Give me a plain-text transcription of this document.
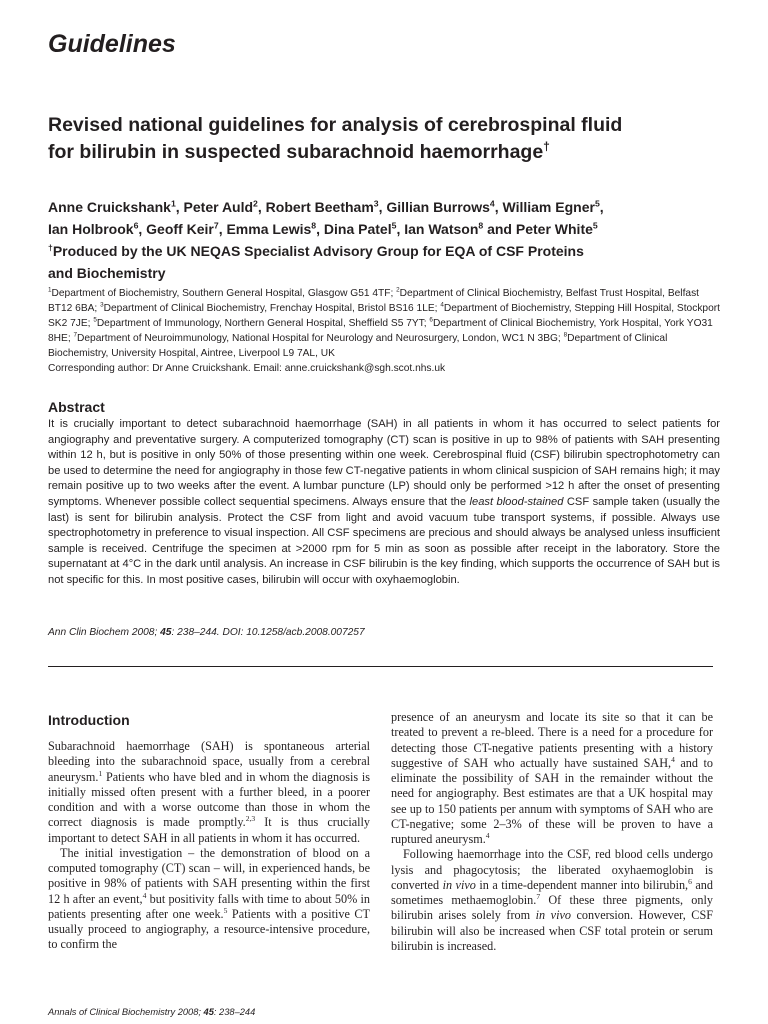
Guidelines
Revised national guidelines for analysis of cerebrospinal fluid
for bilirubin in suspected subarachnoid haemorrhage†
Anne Cruickshank$^1$, Peter Auld$^2$, Robert Beetham$^3$, Gillian Burrows$^4$, William Egner$^5$,
Ian Holbrook$^6$, Geoff Keir$^7$, Emma Lewis$^8$, Dina Patel$^5$, Ian Watson$^8$ and Peter White$^5$
†Produced by the UK NEQAS Specialist Advisory Group for EQA of CSF Proteins
and Biochemistry
$^1$Department of Biochemistry, Southern General Hospital, Glasgow G51 4TF; $^2$Department of Clinical Biochemistry, Belfast Trust Hospital, Belfast BT12 6BA; $^3$Department of Clinical Biochemistry, Frenchay Hospital, Bristol BS16 1LE; $^4$Department of Biochemistry, Stepping Hill Hospital, Stockport SK2 7JE; $^5$Department of Immunology, Northern General Hospital, Sheffield S5 7YT; $^6$Department of Clinical Biochemistry, York Hospital, York YO31 8HE; $^7$Department of Neuroimmunology, National Hospital for Neurology and Neurosurgery, London, WC1 N 3BG; $^8$Department of Clinical Biochemistry, University Hospital, Aintree, Liverpool L9 7AL, UK
Corresponding author: Dr Anne Cruickshank. Email: anne.cruickshank@sgh.scot.nhs.uk
Abstract
It is crucially important to detect subarachnoid haemorrhage (SAH) in all patients in whom it has occurred to select patients for angiography and preventative surgery. A computerized tomography (CT) scan is positive in up to 98% of patients with SAH presenting within 12 h, but is positive in only 50% of those presenting within one week. Cerebrospinal fluid (CSF) bilirubin spectrophotometry can be used to determine the need for angiography in those few CT-negative patients in whom clinical suspicion of SAH remains high; it may remain positive up to two weeks after the event. A lumbar puncture (LP) should only be performed >12 h after the onset of presenting symptoms. Whenever possible collect sequential specimens. Always ensure that the least blood-stained CSF sample taken (usually the last) is sent for bilirubin analysis. Protect the CSF from light and avoid vacuum tube transport systems, if possible. Always use spectrophotometry in preference to visual inspection. All CSF specimens are precious and should always be analysed unless insufficient sample is received. Centrifuge the specimen at >2000 rpm for 5 min as soon as possible after receipt in the laboratory. Store the supernatant at 4°C in the dark until analysis. An increase in CSF bilirubin is the key finding, which supports the occurrence of SAH but is not specific for this. In most positive cases, bilirubin will occur with oxyhaemoglobin.
Ann Clin Biochem 2008; 45: 238–244. DOI: 10.1258/acb.2008.007257
Introduction

Subarachnoid haemorrhage (SAH) is spontaneous arterial bleeding into the subarachnoid space, usually from a cerebral aneurysm.$^1$ Patients who have bled and in whom the diagnosis is initially missed often present with a further bleed, in a poorer condition and with a worse outcome than those in whom the correct diagnosis is made promptly.$^{2,3}$ It is thus crucially important to detect SAH in all patients in whom it has occurred.

The initial investigation – the demonstration of blood on a computed tomography (CT) scan – will, in experienced hands, be positive in 98% of patients with SAH presenting within the first 12 h after an event,$^4$ but positivity falls with time to about 50% in patients presenting after one week.$^5$ Patients with a positive CT usually proceed to angiography, a resource-intensive procedure, to confirm the

presence of an aneurysm and locate its site so that it can be treated to prevent a re-bleed. There is a need for a procedure for detecting those CT-negative patients presenting with a history suggestive of SAH who actually have sustained SAH,$^4$ and to eliminate the possibility of SAH in the remainder without the need for angiography. Best estimates are that a UK hospital may see up to 150 patients per annum with symptoms of SAH who are CT-negative; some 2–3% of these will be proven to have a ruptured aneurysm.$^4$

Following haemorrhage into the CSF, red blood cells undergo lysis and phagocytosis; the liberated oxyhaemoglobin is converted in vivo in a time-dependent manner into bilirubin,$^6$ and sometimes methaemoglobin.$^7$ Of these three pigments, only bilirubin arises solely from in vivo conversion. However, CSF bilirubin will also be increased when CSF total protein or serum bilirubin is increased.

Annals of Clinical Biochemistry 2008; 45: 238–244
